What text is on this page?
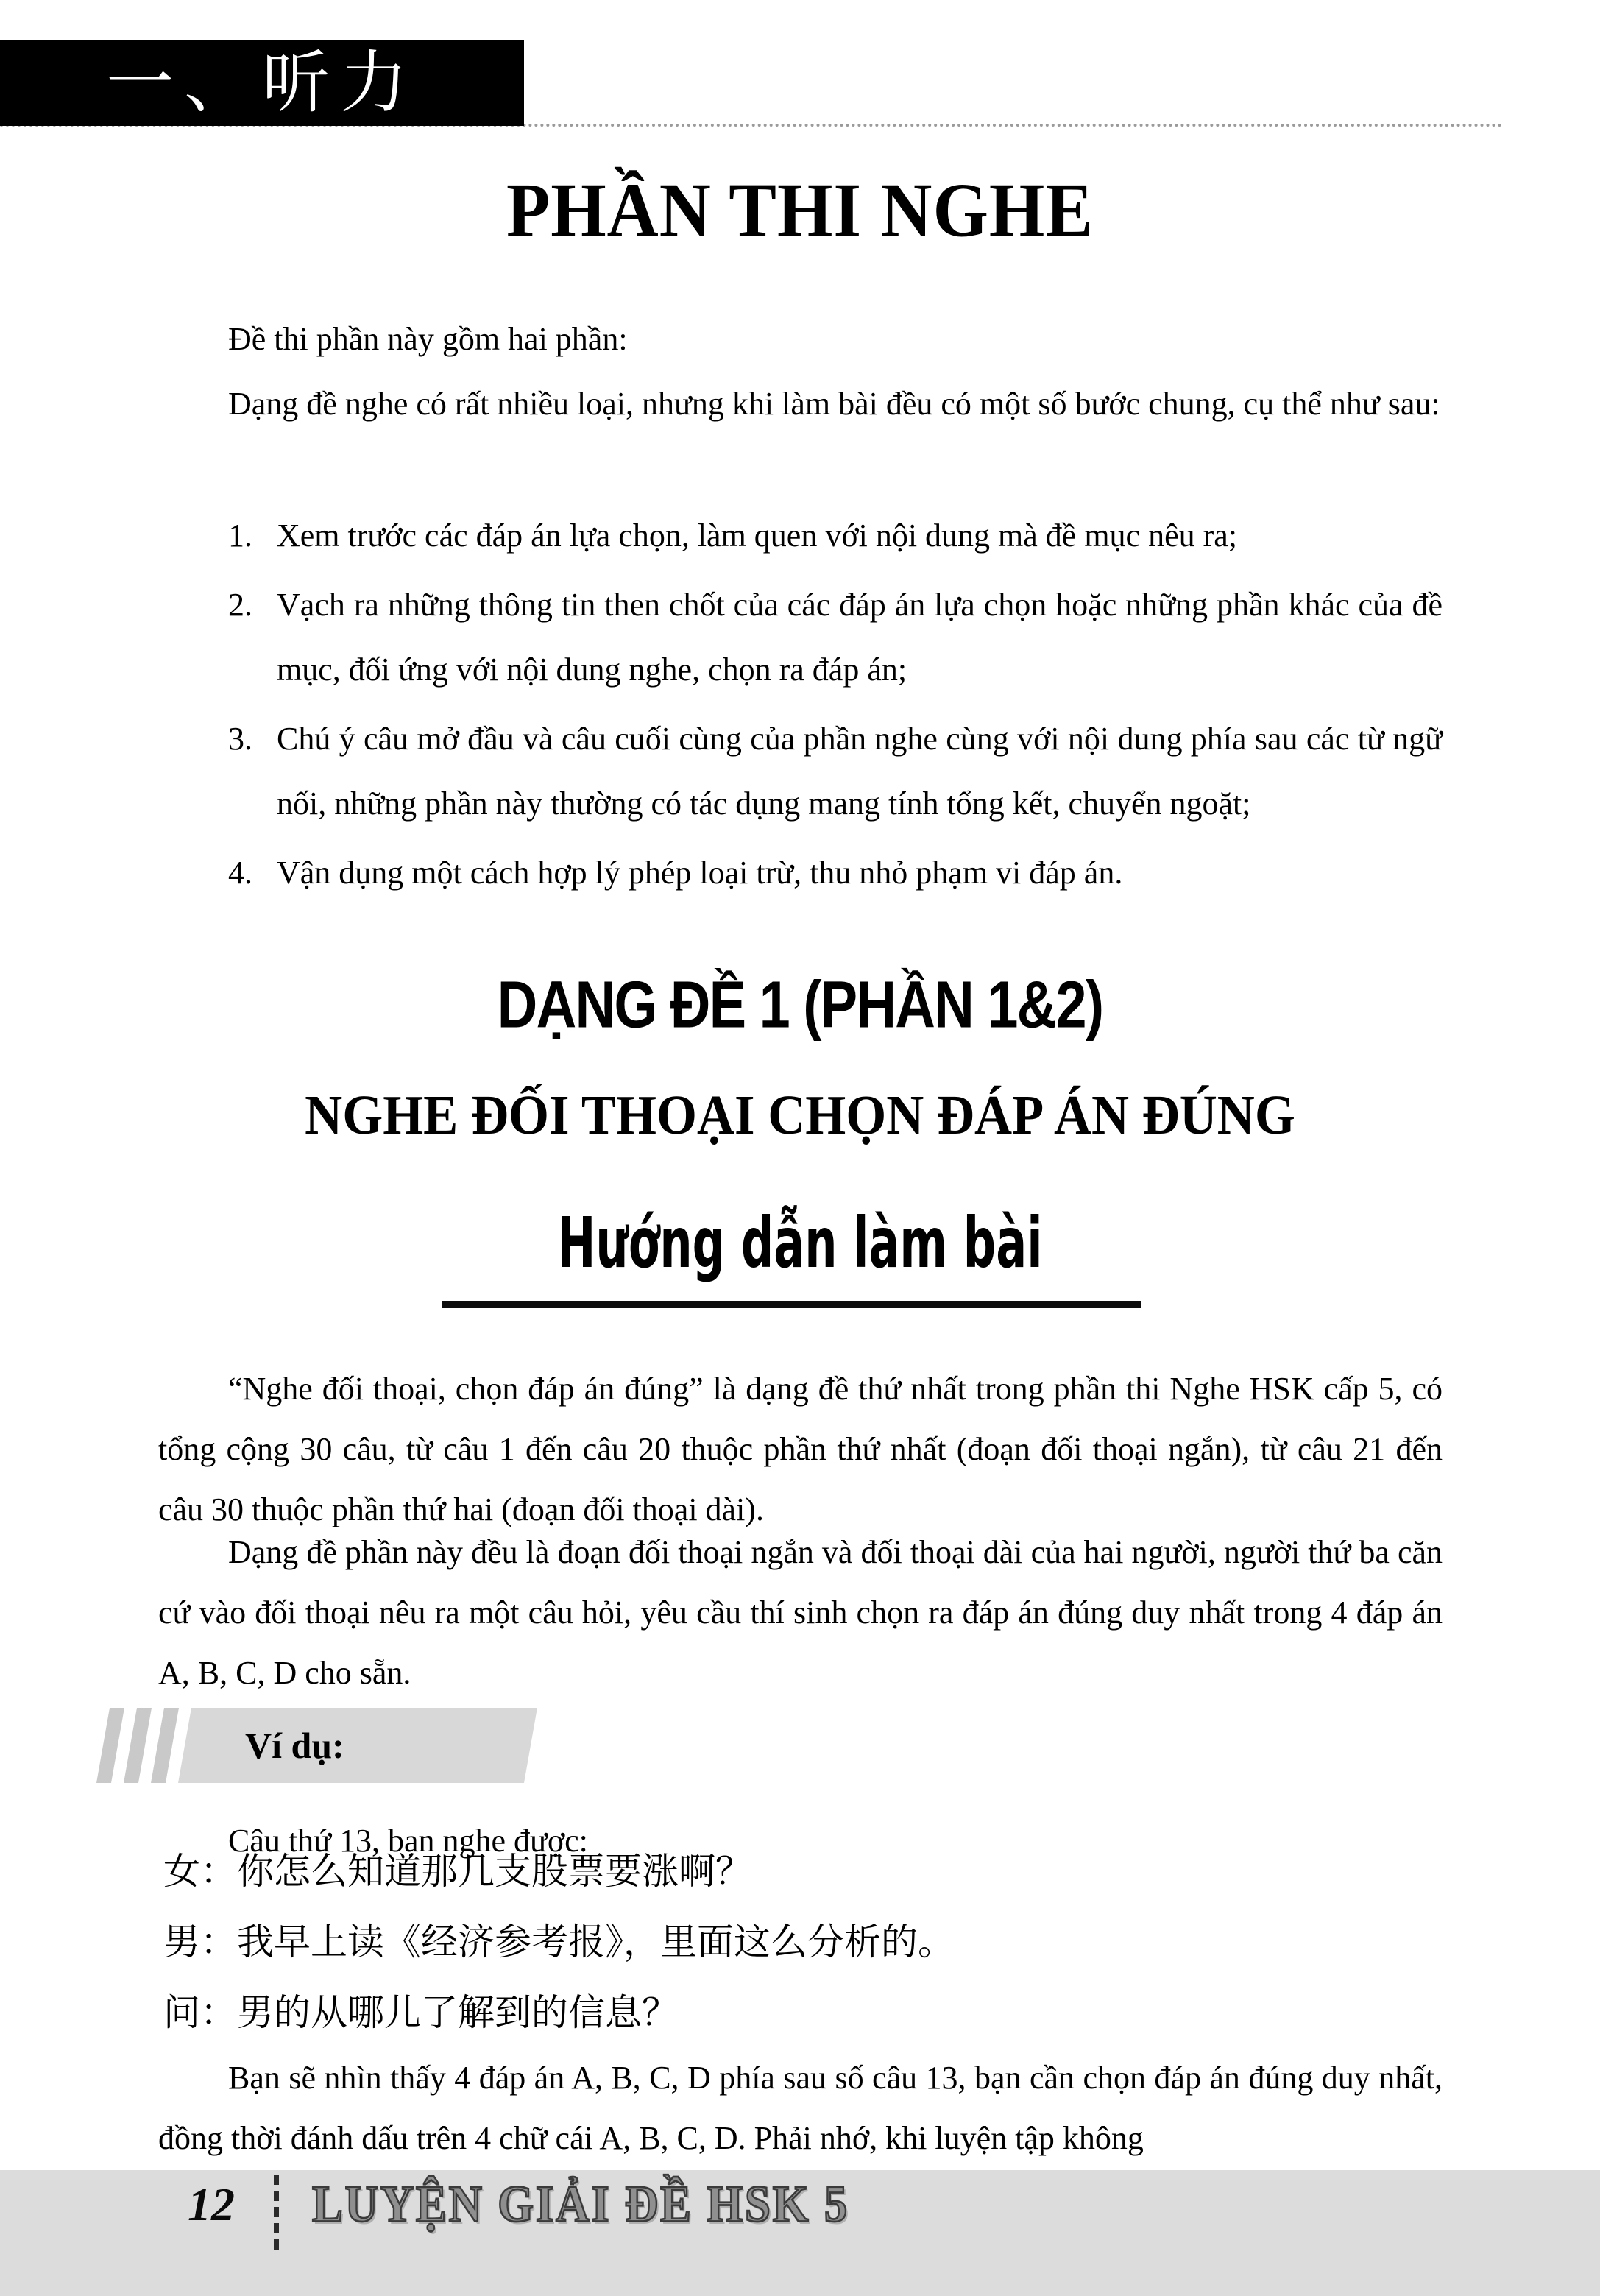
一、听力
PHẦN THI NGHE

Đề thi phần này gồm hai phần:

Dạng đề nghe có rất nhiều loại, nhưng khi làm bài đều có một số bước chung, cụ thể như sau:

1. Xem trước các đáp án lựa chọn, làm quen với nội dung mà đề mục nêu ra;
2. Vạch ra những thông tin then chốt của các đáp án lựa chọn hoặc những phần khác của đề mục, đối ứng với nội dung nghe, chọn ra đáp án;
3. Chú ý câu mở đầu và câu cuối cùng của phần nghe cùng với nội dung phía sau các từ ngữ nối, những phần này thường có tác dụng mang tính tổng kết, chuyển ngoặt;
4. Vận dụng một cách hợp lý phép loại trừ, thu nhỏ phạm vi đáp án.
DẠNG ĐỀ 1 (PHẦN 1&2)
NGHE ĐỐI THOẠI CHỌN ĐÁP ÁN ĐÚNG
Hướng dẫn làm bài

“Nghe đối thoại, chọn đáp án đúng” là dạng đề thứ nhất trong phần thi Nghe HSK cấp 5, có tổng cộng 30 câu, từ câu 1 đến câu 20 thuộc phần thứ nhất (đoạn đối thoại ngắn), từ câu 21 đến câu 30 thuộc phần thứ hai (đoạn đối thoại dài).

Dạng đề phần này đều là đoạn đối thoại ngắn và đối thoại dài của hai người, người thứ ba căn cứ vào đối thoại nêu ra một câu hỏi, yêu cầu thí sinh chọn ra đáp án đúng duy nhất trong 4 đáp án A, B, C, D cho sẵn.

Ví dụ:

Câu thứ 13, bạn nghe được:

女：你怎么知道那几支股票要涨啊？
男：我早上读《经济参考报》，里面这么分析的。
问：男的从哪儿了解到的信息？

Bạn sẽ nhìn thấy 4 đáp án A, B, C, D phía sau số câu 13, bạn cần chọn đáp án đúng duy nhất, đồng thời đánh dấu trên 4 chữ cái A, B, C, D. Phải nhớ, khi luyện tập không

12 LUYỆN GIẢI ĐỀ HSK 5
